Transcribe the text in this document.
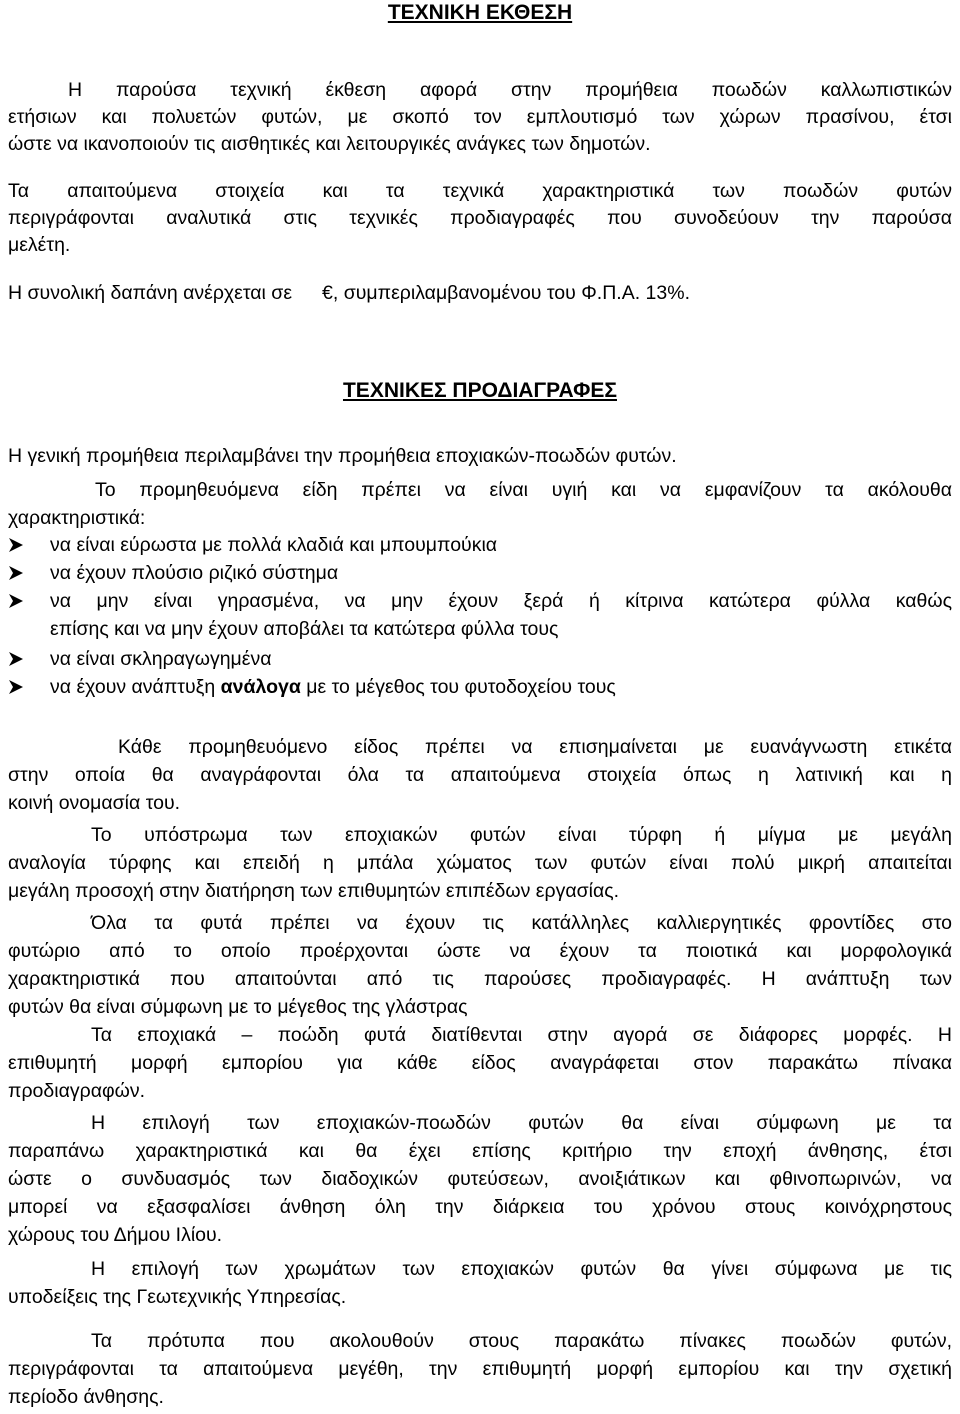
ΤΕΧΝΙΚΗ ΕΚΘΕΣΗ

Η παρούσα τεχνική έκθεση αφορά στην προμήθεια ποωδών καλλωπιστικών

ετήσιων και πολυετών φυτών, με σκοπό τον εμπλουτισμό των χώρων πρασίνου, έτσι

ώστε να ικανοποιούν τις αισθητικές και λειτουργικές ανάγκες των δημοτών.

Τα απαιτούμενα στοιχεία και τα τεχνικά χαρακτηριστικά των ποωδών φυτών

περιγράφονται αναλυτικά στις τεχνικές προδιαγραφές που συνοδεύουν την παρούσα

μελέτη.

Η συνολική δαπάνη ανέρχεται σε €, συμπεριλαμβανομένου του Φ.Π.Α. 13%.

ΤΕΧΝΙΚΕΣ ΠΡΟΔΙΑΓΡΑΦΕΣ

Η γενική προμήθεια περιλαμβάνει την προμήθεια εποχιακών-ποωδών φυτών.

Το προμηθευόμενα είδη πρέπει να είναι υγιή και να εμφανίζουν τα ακόλουθα

χαρακτηριστικά:

να είναι εύρωστα με πολλά κλαδιά και μπουμπούκια

να έχουν πλούσιο ριζικό σύστημα

να μην είναι γηρασμένα, να μην έχουν ξερά ή κίτρινα κατώτερα φύλλα καθώς

επίσης και να μην έχουν αποβάλει τα κατώτερα φύλλα τους

να είναι σκληραγωγημένα

να έχουν ανάπτυξη ανάλογα με το μέγεθος του φυτοδοχείου τους

Κάθε προμηθευόμενο είδος πρέπει να επισημαίνεται με ευανάγνωστη ετικέτα

στην οποία θα αναγράφονται όλα τα απαιτούμενα στοιχεία όπως η λατινική και η

κοινή ονομασία του.

Το υπόστρωμα των εποχιακών φυτών είναι τύρφη ή μίγμα με μεγάλη

αναλογία τύρφης και επειδή η μπάλα χώματος των φυτών είναι πολύ μικρή απαιτείται

μεγάλη προσοχή στην διατήρηση των επιθυμητών επιπέδων εργασίας.

Όλα τα φυτά πρέπει να έχουν τις κατάλληλες καλλιεργητικές φροντίδες στο

φυτώριο από το οποίο προέρχονται ώστε να έχουν τα ποιοτικά και μορφολογικά

χαρακτηριστικά που απαιτούνται από τις παρούσες προδιαγραφές. Η ανάπτυξη των

φυτών θα είναι σύμφωνη με το μέγεθος της γλάστρας

Τα εποχιακά – ποώδη φυτά διατίθενται στην αγορά σε διάφορες μορφές. Η

επιθυμητή μορφή εμπορίου για κάθε είδος αναγράφεται στον παρακάτω πίνακα

προδιαγραφών.

Η επιλογή των εποχιακών-ποωδών φυτών θα είναι σύμφωνη με τα

παραπάνω χαρακτηριστικά και θα έχει επίσης κριτήριο την εποχή άνθησης, έτσι

ώστε ο συνδυασμός των διαδοχικών φυτεύσεων, ανοιξιάτικων και φθινοπωρινών, να

μπορεί να εξασφαλίσει άνθηση όλη την διάρκεια του χρόνου στους κοινόχρηστους

χώρους του Δήμου Ιλίου.

Η επιλογή των χρωμάτων των εποχιακών φυτών θα γίνει σύμφωνα με τις

υποδείξεις της Γεωτεχνικής Υπηρεσίας.

Τα πρότυπα που ακολουθούν στους παρακάτω πίνακες ποωδών φυτών,

περιγράφονται τα απαιτούμενα μεγέθη, την επιθυμητή μορφή εμπορίου και την σχετική

περίοδο άνθησης.
